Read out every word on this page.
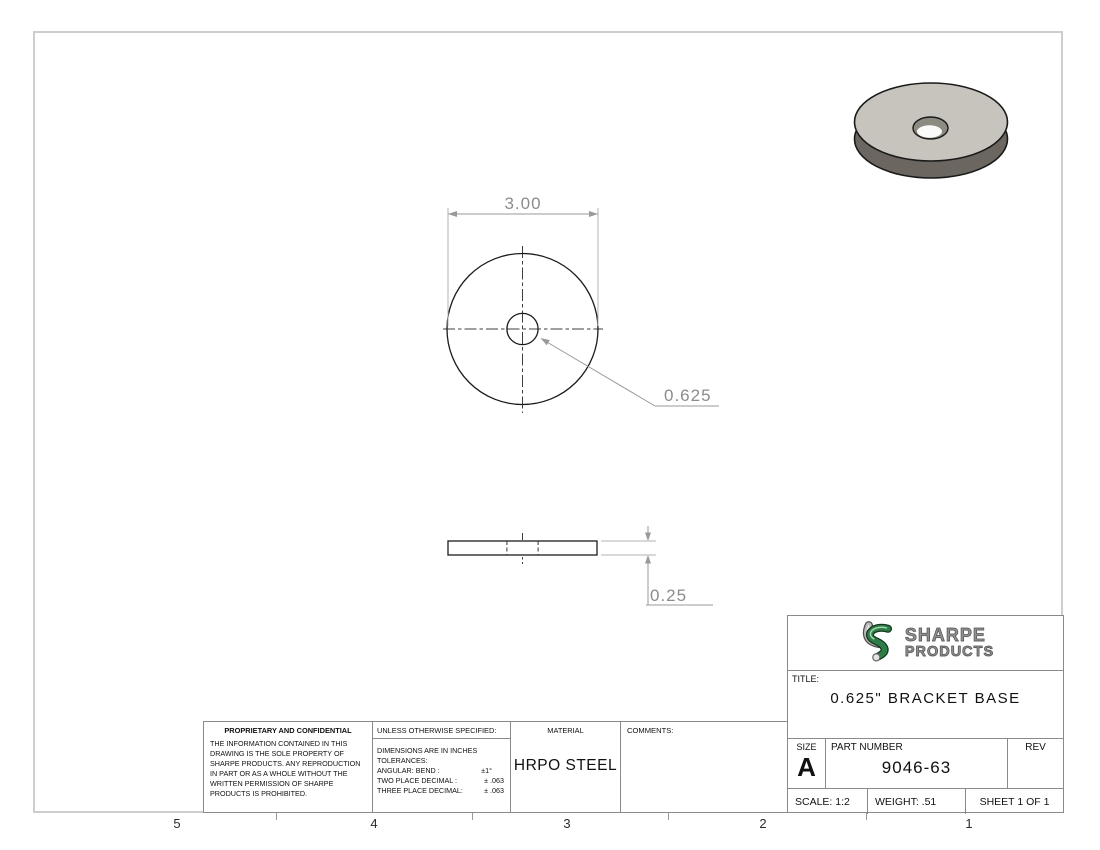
3.00
0.625
0.25
5	4	3	2	1
PROPRIETARY AND CONFIDENTIAL
THE INFORMATION CONTAINED IN THIS DRAWING IS THE SOLE PROPERTY OF SHARPE PRODUCTS. ANY REPRODUCTION IN PART OR AS A WHOLE WITHOUT THE WRITTEN PERMISSION OF SHARPE PRODUCTS IS PROHIBITED.
UNLESS OTHERWISE SPECIFIED:
DIMENSIONS ARE IN INCHES
TOLERANCES:
ANGULAR: BEND :	±1°
TWO PLACE DECIMAL :	± .063
THREE PLACE DECIMAL:	± .063
MATERIAL
HRPO STEEL
COMMENTS:
SHARPE
PRODUCTS
TITLE:
0.625" BRACKET BASE
SIZE
A
PART NUMBER
9046-63
REV
SCALE: 1:2	WEIGHT: .51	SHEET 1 OF 1
